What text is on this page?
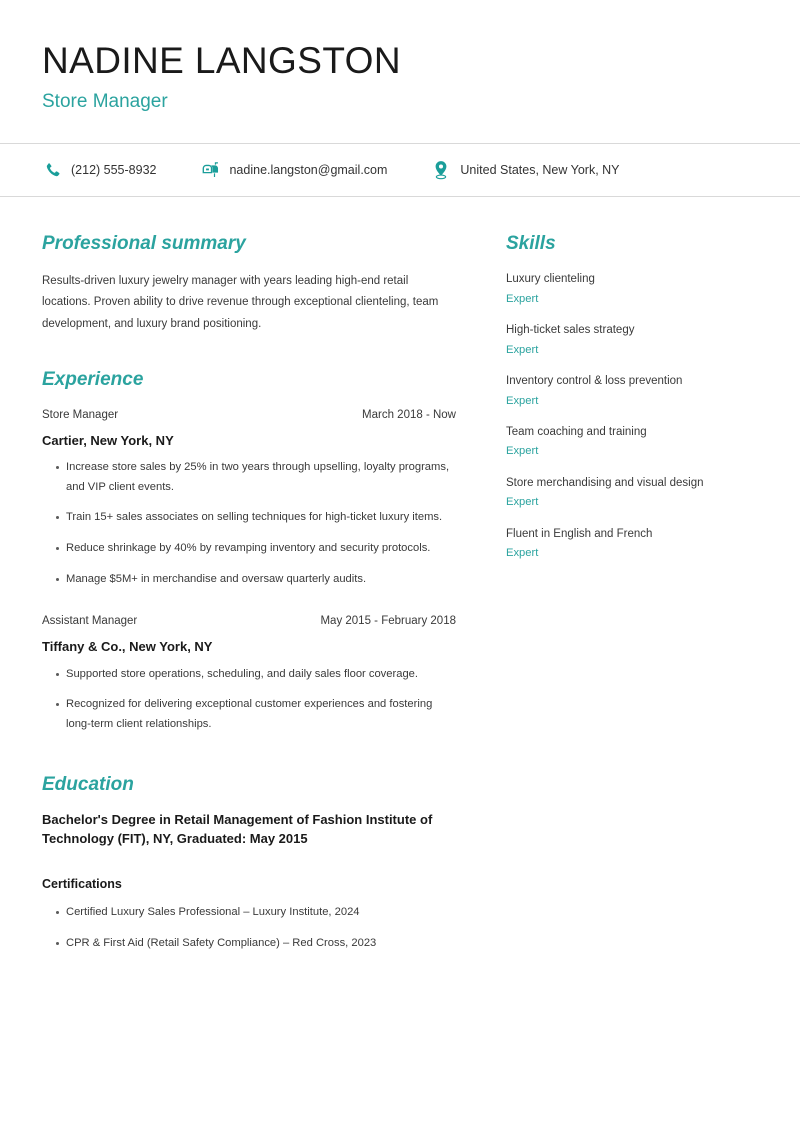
NADINE LANGSTON
Store Manager
(212) 555-8932	nadine.langston@gmail.com	United States, New York, NY
Professional summary

Results-driven luxury jewelry manager with years leading high-end retail locations. Proven ability to drive revenue through exceptional clienteling, team development, and luxury brand positioning.

Experience
Store Manager	March 2018 - Now
Cartier, New York, NY
Increase store sales by 25% in two years through upselling, loyalty programs, and VIP client events.
Train 15+ sales associates on selling techniques for high-ticket luxury items.
Reduce shrinkage by 40% by revamping inventory and security protocols.
Manage $5M+ in merchandise and oversaw quarterly audits.
Assistant Manager	May 2015 - February 2018
Tiffany & Co., New York, NY
Supported store operations, scheduling, and daily sales floor coverage.
Recognized for delivering exceptional customer experiences and fostering long-term client relationships.
Education

Bachelor's Degree in Retail Management of Fashion Institute of Technology (FIT), NY, Graduated: May 2015

Certifications
Certified Luxury Sales Professional – Luxury Institute, 2024
CPR & First Aid (Retail Safety Compliance) – Red Cross, 2023
Skills
Luxury clienteling
Expert
High-ticket sales strategy
Expert
Inventory control & loss prevention
Expert
Team coaching and training
Expert
Store merchandising and visual design
Expert
Fluent in English and French
Expert
